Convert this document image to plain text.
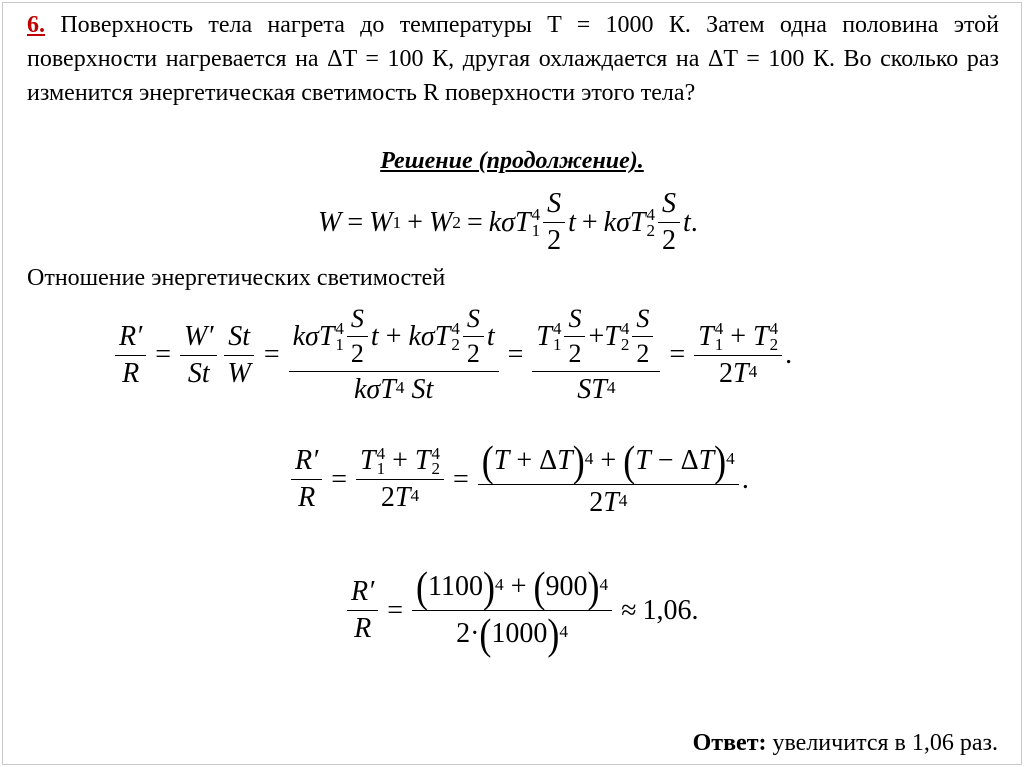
6. Поверхность тела нагрета до температуры T = 1000 К. Затем одна половина этой поверхности нагревается на ΔT = 100 К, другая охлаждается на ΔT = 100 К. Во сколько раз изменится энергетическая светимость R поверхности этого тела?
Решение (продолжение).
W = W 1 + W 2 = kσT 4
$1 \frac{S}{2}$ t + kσT 4
$2 \frac{S}{2}$ t .
Отношение энергетических светимостей
$\frac{R'}{R} = \frac{W'}{St} \frac{St}{W} = k\sigma T$ 4
$1 \frac{S}{2}$ t + kσT 4
$2 \frac{S}{2}$ t
kσT 4 St = T 4
$1 \frac{S}{2} + T$ 4
$2 \frac{S}{2}$
ST 4 = T 4
1 + T 4
2
2 T 4 .
$\frac{R'}{R} = T$ 4
1 + T 4
2
2 T $4 = \frac{\text{( T + Δ T ) 4 + ( T − Δ T ) 4}}{2 T 4}$ .
$\frac{R'}{R} = \frac{( 1100 ) 4 + ( 900 ) 4}{2\cdot ( 1000 ) 4} \approx 1,06$.
Ответ: увеличится в 1,06 раз.
